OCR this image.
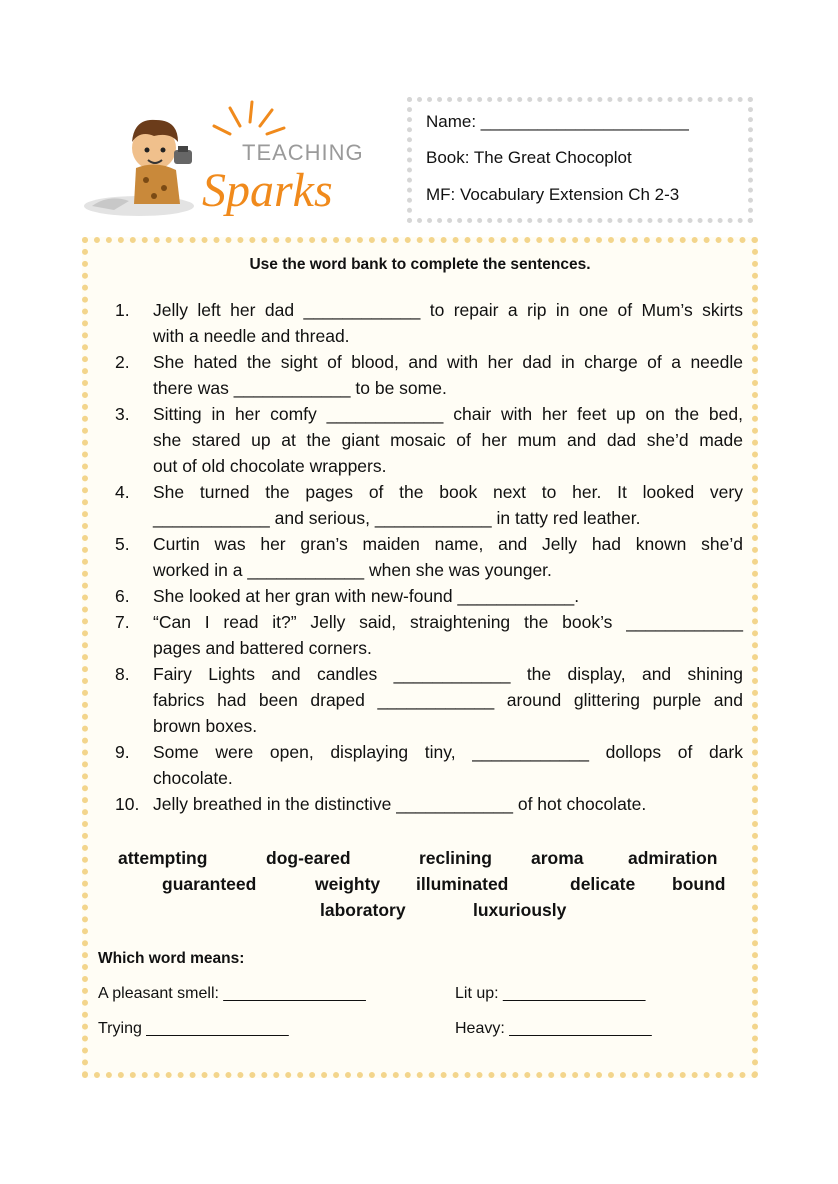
TEACHING
Sparks
Name: ______________________
Book: The Great Chocoplot
MF: Vocabulary Extension Ch 2-3
Use the word bank to complete the sentences.
1.	Jelly left her dad ____________ to repair a rip in one of Mum’s skirts
with a needle and thread.
2.	She hated the sight of blood, and with her dad in charge of a needle
there was ____________ to be some.
3.	Sitting in her comfy ____________ chair with her feet up on the bed,
she stared up at the giant mosaic of her mum and dad she’d made
out of old chocolate wrappers.
4.	She turned the pages of the book next to her. It looked very
____________ and serious, ____________ in tatty red leather.
5.	Curtin was her gran’s maiden name, and Jelly had known she’d
worked in a ____________ when she was younger.
6.	She looked at her gran with new-found ____________.
7.	“Can I read it?” Jelly said, straightening the book’s ____________
pages and battered corners.
8.	Fairy Lights and candles ____________ the display, and shining
fabrics had been draped ____________ around glittering purple and
brown boxes.
9.	Some were open, displaying tiny, ____________ dollops of dark
chocolate.
10. Jelly breathed in the distinctive ____________ of hot chocolate.
attempting	dog-eared	reclining aroma	admiration
guaranteed	weighty illuminated	delicate bound
laboratory	luxuriously
Which word means:
A pleasant smell: ________________	Lit up: ________________
Trying ________________	Heavy: ________________
